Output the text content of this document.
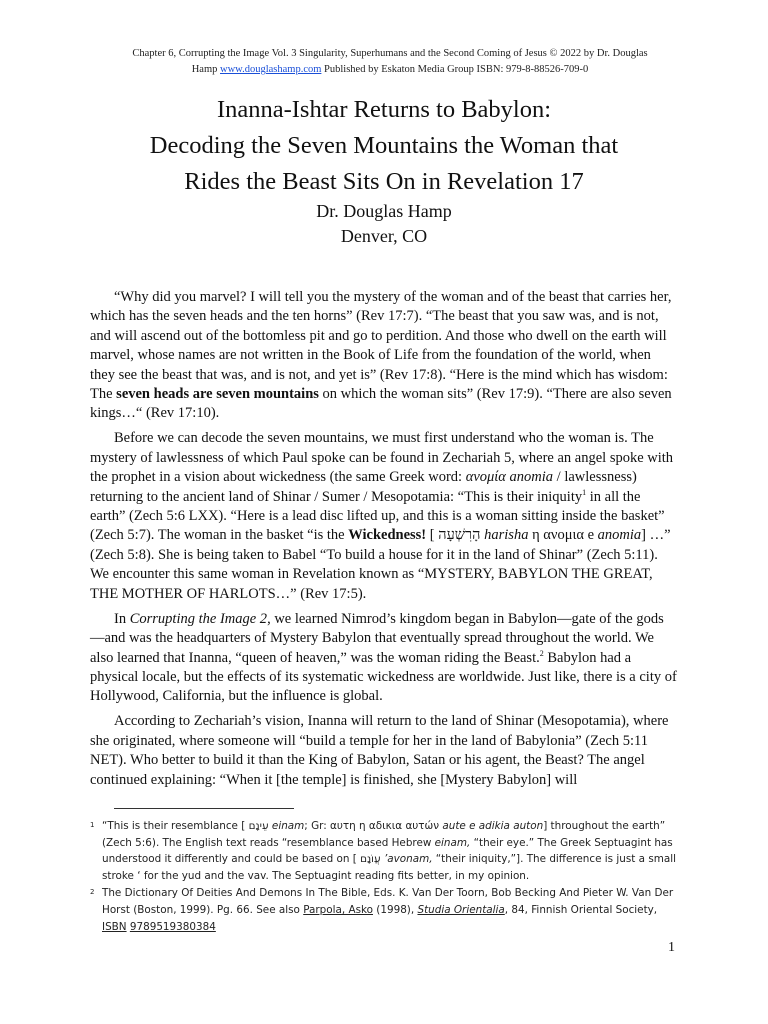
Chapter 6, Corrupting the Image Vol. 3 Singularity, Superhumans and the Second Coming of Jesus © 2022 by Dr. Douglas
Hamp www.douglashamp.com Published by Eskaton Media Group ISBN: 979-8-88526-709-0
Inanna-Ishtar Returns to Babylon:
Decoding the Seven Mountains the Woman that
Rides the Beast Sits On in Revelation 17
Dr. Douglas Hamp
Denver, CO

“Why did you marvel? I will tell you the mystery of the woman and of the beast that carries her, which has the seven heads and the ten horns” (Rev 17:7). “The beast that you saw was, and is not, and will ascend out of the bottomless pit and go to perdition. And those who dwell on the earth will marvel, whose names are not written in the Book of Life from the foundation of the world, when they see the beast that was, and is not, and yet is” (Rev 17:8). “Here is the mind which has wisdom: The seven heads are seven mountains on which the woman sits” (Rev 17:9). “There are also seven kings…“ (Rev 17:10).

Before we can decode the seven mountains, we must first understand who the woman is. The mystery of lawlessness of which Paul spoke can be found in Zechariah 5, where an angel spoke with the prophet in a vision about wickedness (the same Greek word: ανομία anomia / lawlessness) returning to the ancient land of Shinar / Sumer / Mesopotamia: “This is their iniquity$^1$ in all the earth” (Zech 5:6 LXX). “Here is a lead disc lifted up, and this is a woman sitting inside the basket” (Zech 5:7). The woman in the basket “is the Wickedness! [ הָרִשְׁעָה harisha η ανομια e anomia] …” (Zech 5:8). She is being taken to Babel “To build a house for it in the land of Shinar” (Zech 5:11). We encounter this same woman in Revelation known as “MYSTERY, BABYLON THE GREAT, THE MOTHER OF HARLOTS…” (Rev 17:5).

In Corrupting the Image 2, we learned Nimrod’s kingdom began in Babylon—gate of the gods—and was the headquarters of Mystery Babylon that eventually spread throughout the world. We also learned that Inanna, “queen of heaven,” was the woman riding the Beast.$^2$ Babylon had a physical locale, but the effects of its systematic wickedness are worldwide. Just like, there is a city of Hollywood, California, but the influence is global.

According to Zechariah’s vision, Inanna will return to the land of Shinar (Mesopotamia), where she originated, where someone will “build a temple for her in the land of Babylonia” (Zech 5:11 NET). Who better to build it than the King of Babylon, Satan or his agent, the Beast? The angel continued explaining: “When it [the temple] is finished, she [Mystery Babylon] will

1 “This is their resemblance [ עֵינָם einam; Gr: αυτη η αδικια αυτών aute e adikia auton] throughout the earth” (Zech 5:6). The English text reads “resemblance based Hebrew einam, “their eye.” The Greek Septuagint has understood it differently and could be based on [ עֲוֹנָם ’avonam, “their iniquity,”]. The difference is just a small stroke ‘ for the yud and the vav. The Septuagint reading fits better, in my opinion.
2 The Dictionary Of Deities And Demons In The Bible, Eds. K. Van Der Toorn, Bob Becking And Pieter W. Van Der Horst (Boston, 1999). Pg. 66. See also Parpola, Asko (1998), Studia Orientalia, 84, Finnish Oriental Society, ISBN 9789519380384
1
